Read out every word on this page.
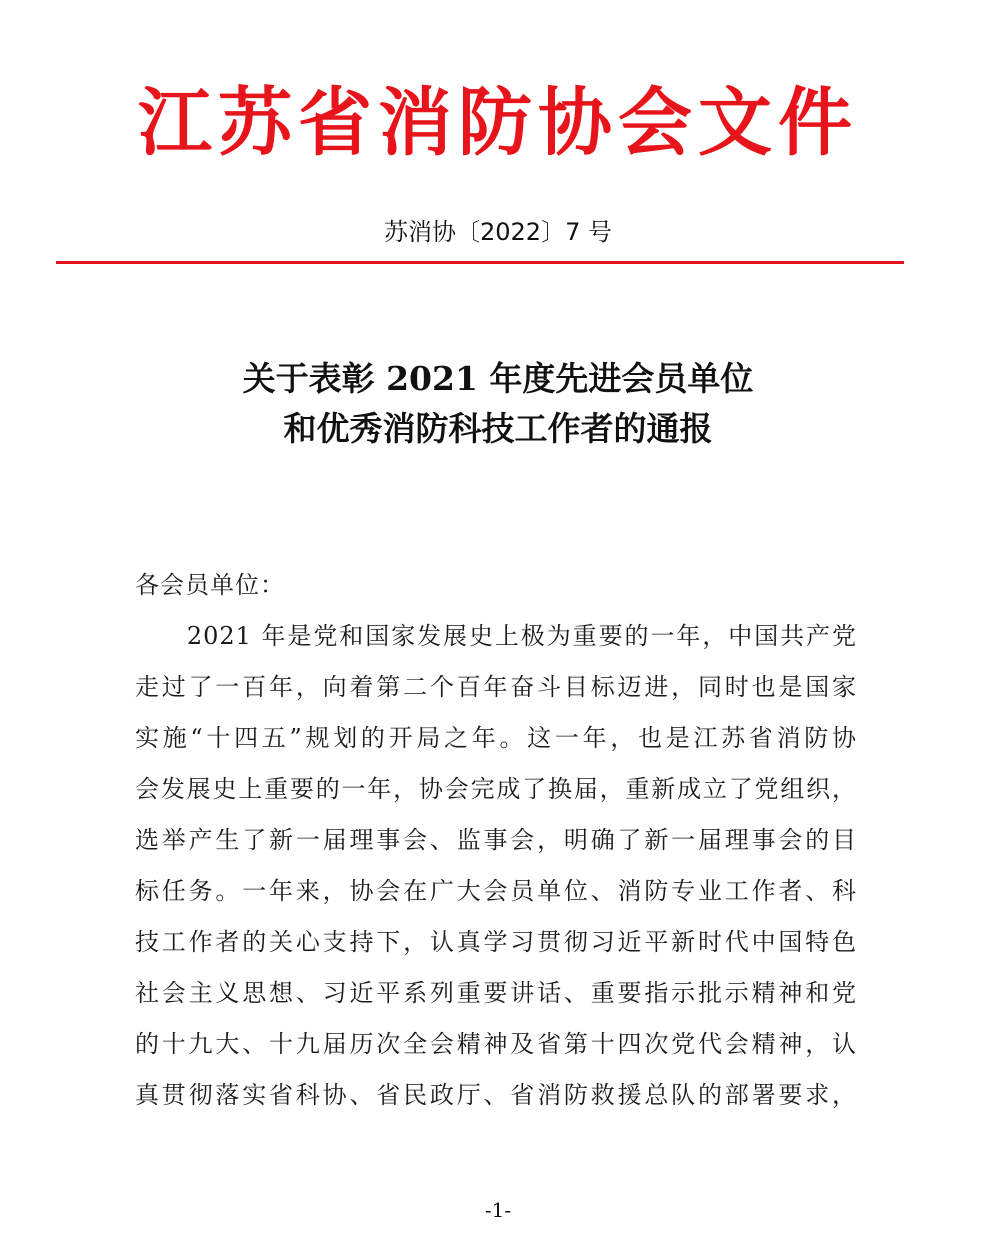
江苏省消防协会文件
苏消协〔2022〕7 号
关于表彰 2021 年度先进会员单位
和优秀消防科技工作者的通报
各会员单位：
　　2021 年是党和国家发展史上极为重要的一年，中国共产党
走过了一百年，向着第二个百年奋斗目标迈进，同时也是国家
实施“十四五”规划的开局之年。这一年，也是江苏省消防协
会发展史上重要的一年，协会完成了换届，重新成立了党组织，
选举产生了新一届理事会、监事会，明确了新一届理事会的目
标任务。一年来，协会在广大会员单位、消防专业工作者、科
技工作者的关心支持下，认真学习贯彻习近平新时代中国特色
社会主义思想、习近平系列重要讲话、重要指示批示精神和党
的十九大、十九届历次全会精神及省第十四次党代会精神，认
真贯彻落实省科协、省民政厅、省消防救援总队的部署要求，
-1-
